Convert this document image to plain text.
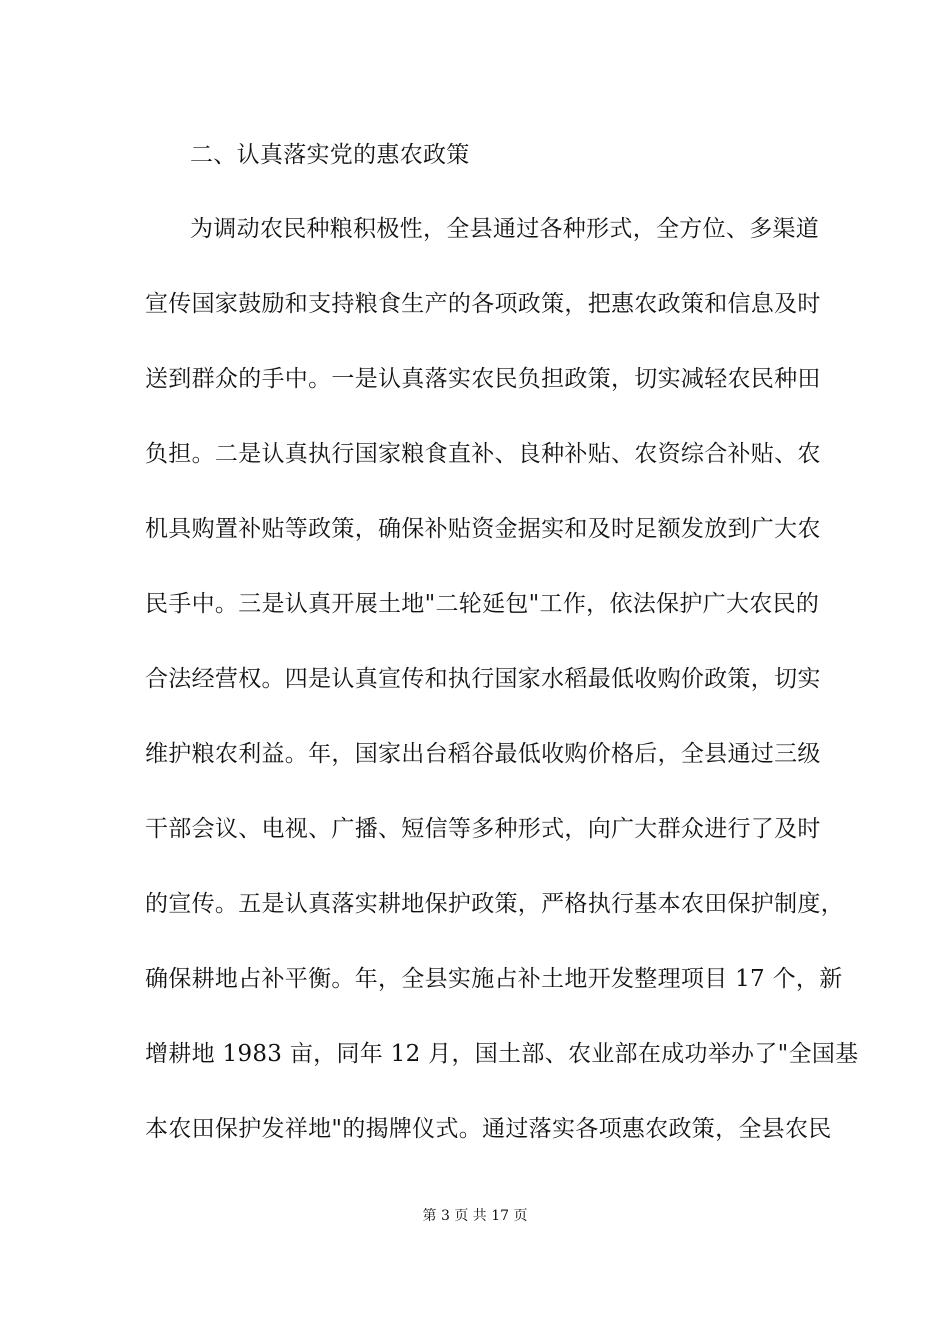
二、认真落实党的惠农政策
为调动农民种粮积极性，全县通过各种形式，全方位、多渠道
宣传国家鼓励和支持粮食生产的各项政策，把惠农政策和信息及时
送到群众的手中。一是认真落实农民负担政策，切实减轻农民种田
负担。二是认真执行国家粮食直补、良种补贴、农资综合补贴、农
机具购置补贴等政策，确保补贴资金据实和及时足额发放到广大农
民手中。三是认真开展土地"二轮延包"工作，依法保护广大农民的
合法经营权。四是认真宣传和执行国家水稻最低收购价政策，切实
维护粮农利益。年，国家出台稻谷最低收购价格后，全县通过三级
干部会议、电视、广播、短信等多种形式，向广大群众进行了及时
的宣传。五是认真落实耕地保护政策，严格执行基本农田保护制度，
确保耕地占补平衡。年，全县实施占补土地开发整理项目 17 个，新
增耕地 1983 亩，同年 12 月，国土部、农业部在成功举办了"全国基
本农田保护发祥地"的揭牌仪式。通过落实各项惠农政策，全县农民
第 3 页 共 17 页
